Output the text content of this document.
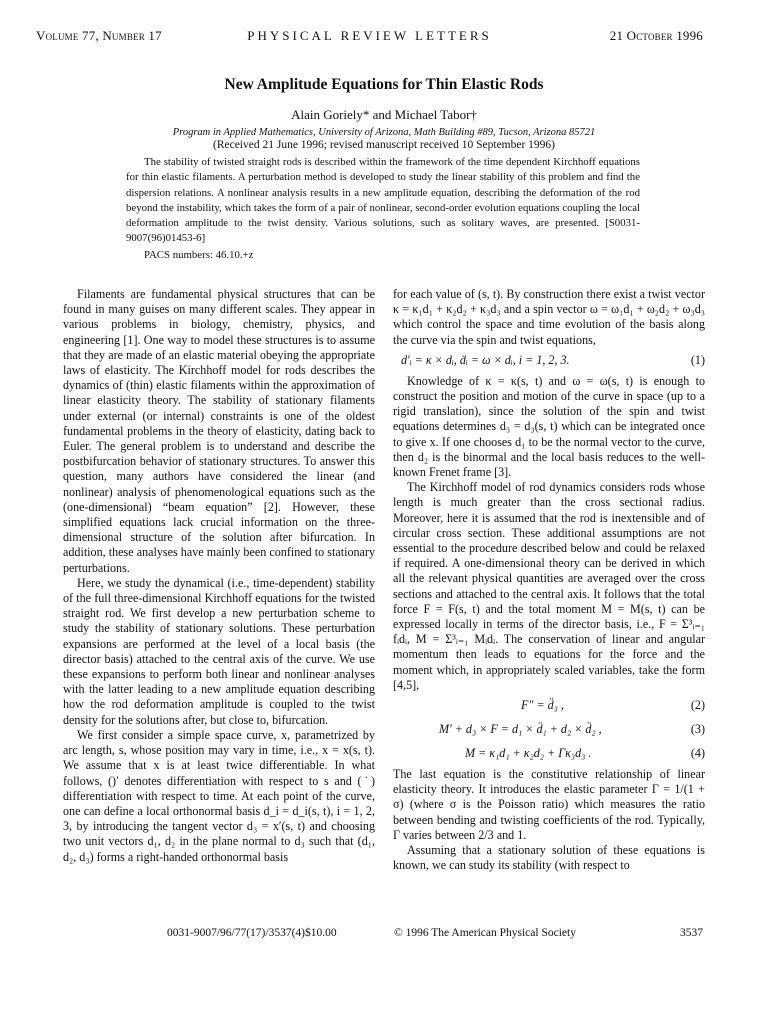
Volume 77, Number 17	PHYSICAL REVIEW LETTERS	21 October 1996
New Amplitude Equations for Thin Elastic Rods
Alain Goriely* and Michael Tabor†
Program in Applied Mathematics, University of Arizona, Math Building #89, Tucson, Arizona 85721
(Received 21 June 1996; revised manuscript received 10 September 1996)
The stability of twisted straight rods is described within the framework of the time dependent Kirchhoff equations for thin elastic filaments. A perturbation method is developed to study the linear stability of this problem and find the dispersion relations. A nonlinear analysis results in a new amplitude equation, describing the deformation of the rod beyond the instability, which takes the form of a pair of nonlinear, second-order evolution equations coupling the local deformation amplitude to the twist density. Various solutions, such as solitary waves, are presented. [S0031-9007(96)01453-6]
PACS numbers: 46.10.+z

Filaments are fundamental physical structures that can be found in many guises on many different scales. They appear in various problems in biology, chemistry, physics, and engineering [1]. One way to model these structures is to assume that they are made of an elastic material obeying the appropriate laws of elasticity. The Kirchhoff model for rods describes the dynamics of (thin) elastic filaments within the approximation of linear elasticity theory. The stability of stationary filaments under external (or internal) constraints is one of the oldest fundamental problems in the theory of elasticity, dating back to Euler. The general problem is to understand and describe the postbifurcation behavior of stationary structures. To answer this question, many authors have considered the linear (and nonlinear) analysis of phenomenological equations such as the (one-dimensional) “beam equation” [2]. However, these simplified equations lack crucial information on the three-dimensional structure of the solution after bifurcation. In addition, these analyses have mainly been confined to stationary perturbations.

Here, we study the dynamical (i.e., time-dependent) stability of the full three-dimensional Kirchhoff equations for the twisted straight rod. We first develop a new perturbation scheme to study the stability of stationary solutions. These perturbation expansions are performed at the level of a local basis (the director basis) attached to the central axis of the curve. We use these expansions to perform both linear and nonlinear analyses with the latter leading to a new amplitude equation describing how the rod deformation amplitude is coupled to the twist density for the solutions after, but close to, bifurcation.

We first consider a simple space curve, x, parametrized by arc length, s, whose position may vary in time, i.e., x = x(s, t). We assume that x is at least twice differentiable. In what follows, ()′ denotes differentiation with respect to s and (˙) differentiation with respect to time. At each point of the curve, one can define a local orthonormal basis d_i = d_i(s, t), i = 1, 2, 3, by introducing the tangent vector d₃ = x′(s, t) and choosing two unit vectors d₁, d₂ in the plane normal to d₃ such that (d₁, d₂, d₃) forms a right-handed orthonormal basis

for each value of (s, t). By construction there exist a twist vector κ = κ₁d₁ + κ₂d₂ + κ₃d₃ and a spin vector ω = ω₁d₁ + ω₂d₂ + ω₃d₃ which control the space and time evolution of the basis along the curve via the spin and twist equations,

d′ᵢ = κ × dᵢ, ḋᵢ = ω × dᵢ, i = 1, 2, 3.	(1)

Knowledge of κ = κ(s, t) and ω = ω(s, t) is enough to construct the position and motion of the curve in space (up to a rigid translation), since the solution of the spin and twist equations determines d₃ = d₃(s, t) which can be integrated once to give x. If one chooses d₁ to be the normal vector to the curve, then d₂ is the binormal and the local basis reduces to the well-known Frenet frame [3].

The Kirchhoff model of rod dynamics considers rods whose length is much greater than the cross sectional radius. Moreover, here it is assumed that the rod is inextensible and of circular cross section. These additional assumptions are not essential to the procedure described below and could be relaxed if required. A one-dimensional theory can be derived in which all the relevant physical quantities are averaged over the cross sections and attached to the central axis. It follows that the total force F = F(s, t) and the total moment M = M(s, t) can be expressed locally in terms of the director basis, i.e., F = Σ³ᵢ₌₁ fᵢdᵢ, M = Σ³ᵢ₌₁ Mᵢdᵢ. The conservation of linear and angular momentum then leads to equations for the force and the moment which, in appropriately scaled variables, take the form [4,5],

F″ = d̈₃ ,	(2)
M′ + d₃ × F = d₁ × d̈₁ + d₂ × d̈₂ ,	(3)
M = κ₁d₁ + κ₂d₂ + Γκ₃d₃ .	(4)

The last equation is the constitutive relationship of linear elasticity theory. It introduces the elastic parameter Γ = 1/(1 + σ) (where σ is the Poisson ratio) which measures the ratio between bending and twisting coefficients of the rod. Typically, Γ varies between 2/3 and 1.

Assuming that a stationary solution of these equations is known, we can study its stability (with respect to

0031-9007/96/77(17)/3537(4)$10.00	© 1996 The American Physical Society	3537
